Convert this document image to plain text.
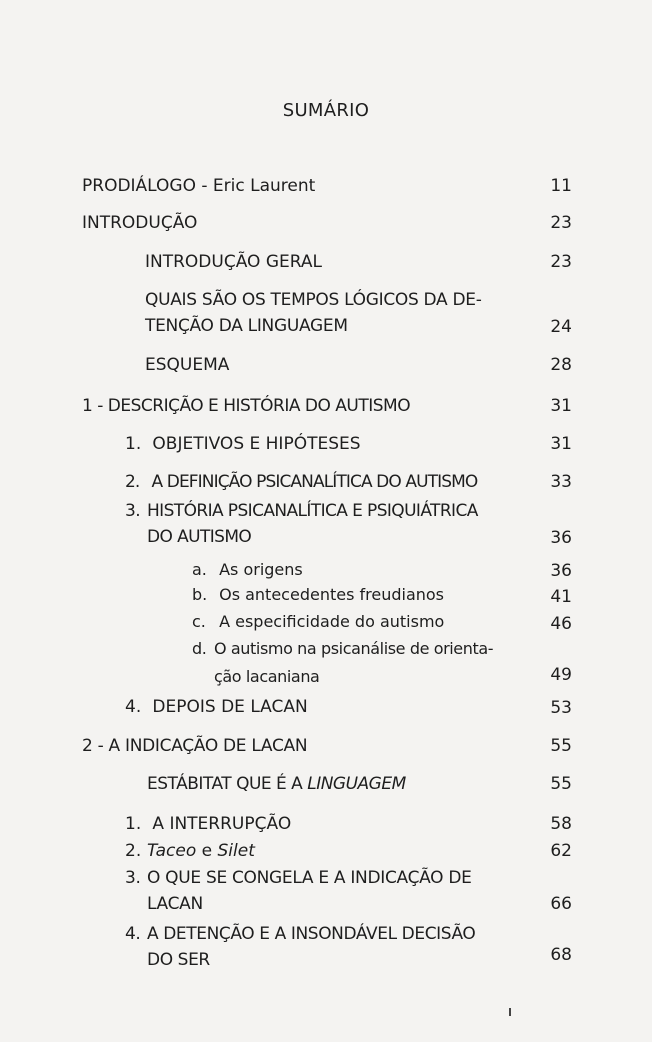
SUMÁRIO
PRODIÁLOGO - Eric Laurent	11
INTRODUÇÃO	23
INTRODUÇÃO GERAL	23
QUAIS SÃO OS TEMPOS LÓGICOS DA DE-
TENÇÃO DA LINGUAGEM	24
ESQUEMA	28
1 - DESCRIÇÃO E HISTÓRIA DO AUTISMO	31
1. OBJETIVOS E HIPÓTESES	31
2. A DEFINIÇÃO PSICANALÍTICA DO AUTISMO	33
3. HISTÓRIA PSICANALÍTICA E PSIQUIÁTRICA
DO AUTISMO	36
a. As origens	36
b. Os antecedentes freudianos	41
c. A especificidade do autismo	46
d. O autismo na psicanálise de orienta-
ção lacaniana	49
4. DEPOIS DE LACAN	53
2 - A INDICAÇÃO DE LACAN	55
ESTÁBITAT QUE É A LINGUAGEM	55
1. A INTERRUPÇÃO	58
2. Taceo e Silet	62
3. O QUE SE CONGELA E A INDICAÇÃO DE
LACAN	66
4. A DETENÇÃO E A INSONDÁVEL DECISÃO
DO SER	68
